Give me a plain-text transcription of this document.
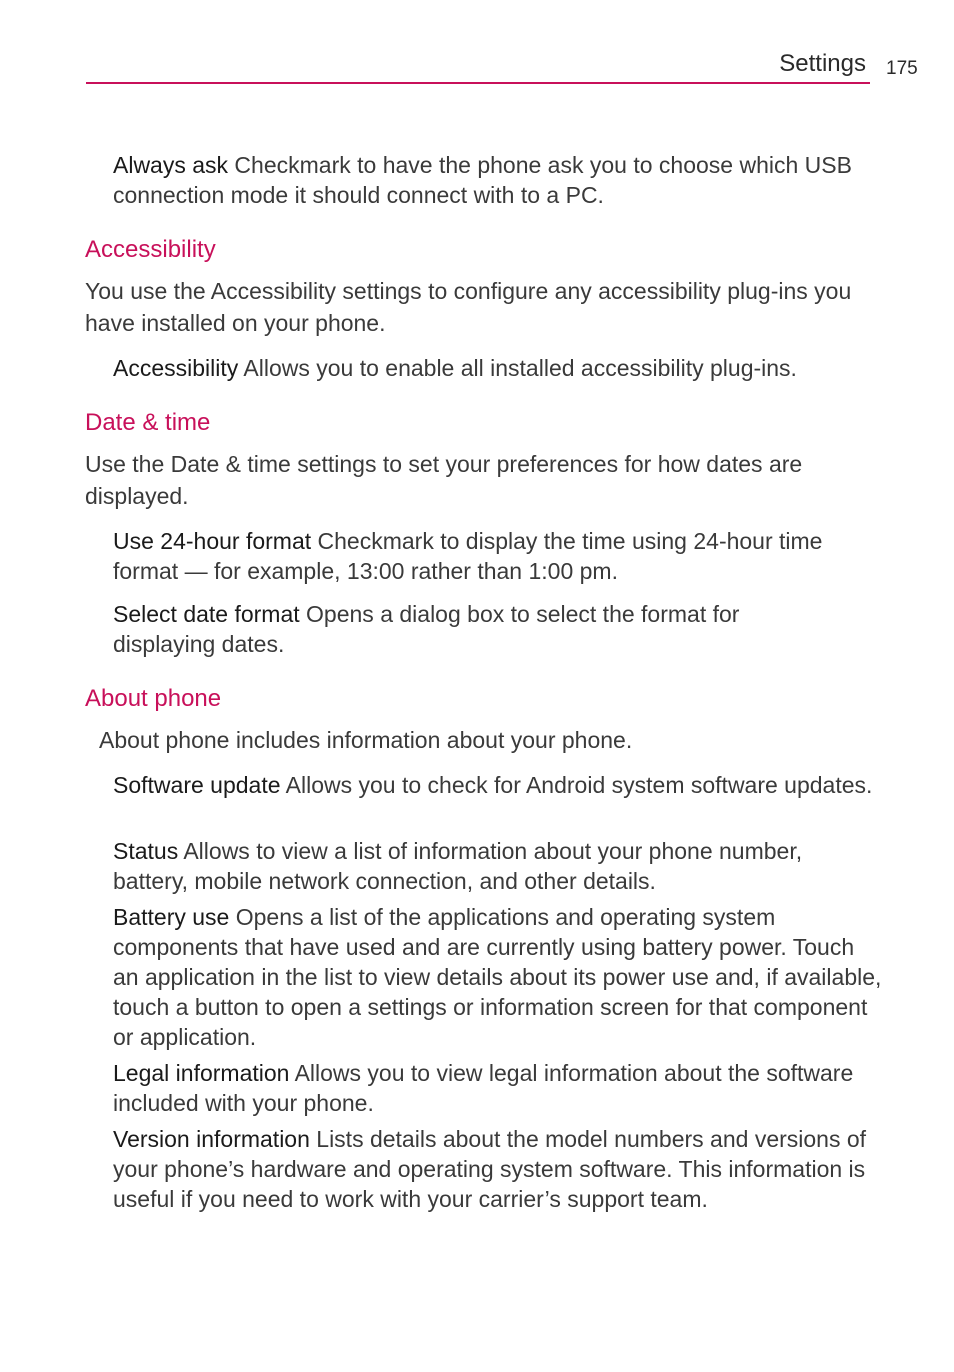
Settings 175

Always ask Checkmark to have the phone ask you to choose which USB connection mode it should connect with to a PC.

Accessibility

You use the Accessibility settings to configure any accessibility plug-ins you have installed on your phone.

Accessibility Allows you to enable all installed accessibility plug-ins.

Date & time

Use the Date & time settings to set your preferences for how dates are displayed.

Use 24-hour format Checkmark to display the time using 24-hour time format — for example, 13:00 rather than 1:00 pm.

Select date format Opens a dialog box to select the format for displaying dates.

About phone

About phone includes information about your phone.

Software update Allows you to check for Android system software updates.

Status Allows to view a list of information about your phone number, battery, mobile network connection, and other details.

Battery use Opens a list of the applications and operating system components that have used and are currently using battery power. Touch an application in the list to view details about its power use and, if available, touch a button to open a settings or information screen for that component or application.

Legal information Allows you to view legal information about the software included with your phone.

Version information Lists details about the model numbers and versions of your phone’s hardware and operating system software. This information is useful if you need to work with your carrier’s support team.
